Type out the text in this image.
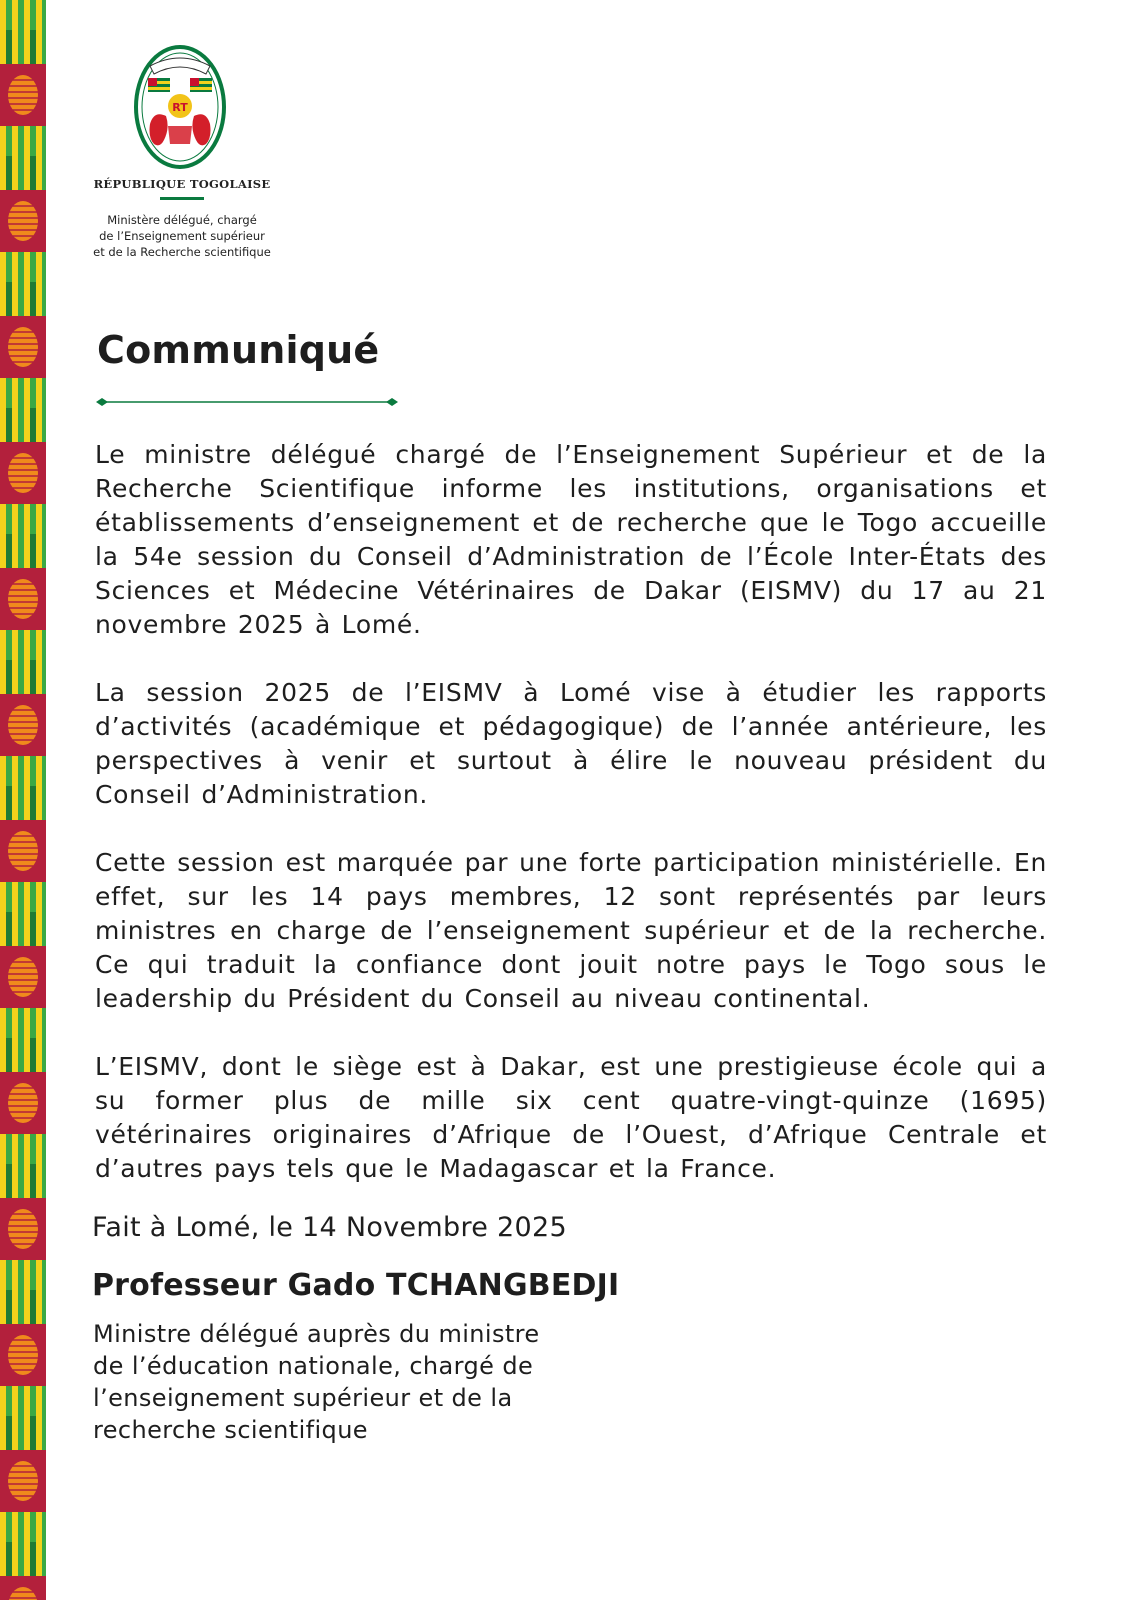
RT
RÉPUBLIQUE TOGOLAISE
Ministère délégué, chargé
de l’Enseignement supérieur
et de la Recherche scientifique
Communiqué

Le ministre délégué chargé de l’Enseignement Supérieur et de la Recherche Scientifique informe les institutions, organisations et établissements d’enseignement et de recherche que le Togo accueille la 54e session du Conseil d’Administration de l’École Inter-États des Sciences et Médecine Vétérinaires de Dakar (EISMV) du 17 au 21 novembre 2025 à Lomé.

La session 2025 de l’EISMV à Lomé vise à étudier les rapports d’activités (académique et pédagogique) de l’année antérieure, les perspectives à venir et surtout à élire le nouveau président du Conseil d’Administration.

Cette session est marquée par une forte participation ministérielle. En effet, sur les 14 pays membres, 12 sont représentés par leurs ministres en charge de l’enseignement supérieur et de la recherche. Ce qui traduit la confiance dont jouit notre pays le Togo sous le leadership du Président du Conseil au niveau continental.

L’EISMV, dont le siège est à Dakar, est une prestigieuse école qui a su former plus de mille six cent quatre-vingt-quinze (1695) vétérinaires originaires d’Afrique de l’Ouest, d’Afrique Centrale et d’autres pays tels que le Madagascar et la France.

Fait à Lomé, le 14 Novembre 2025
Professeur Gado TCHANGBEDJI
Ministre délégué auprès du ministre
de l’éducation nationale, chargé de
l’enseignement supérieur et de la
recherche scientifique
